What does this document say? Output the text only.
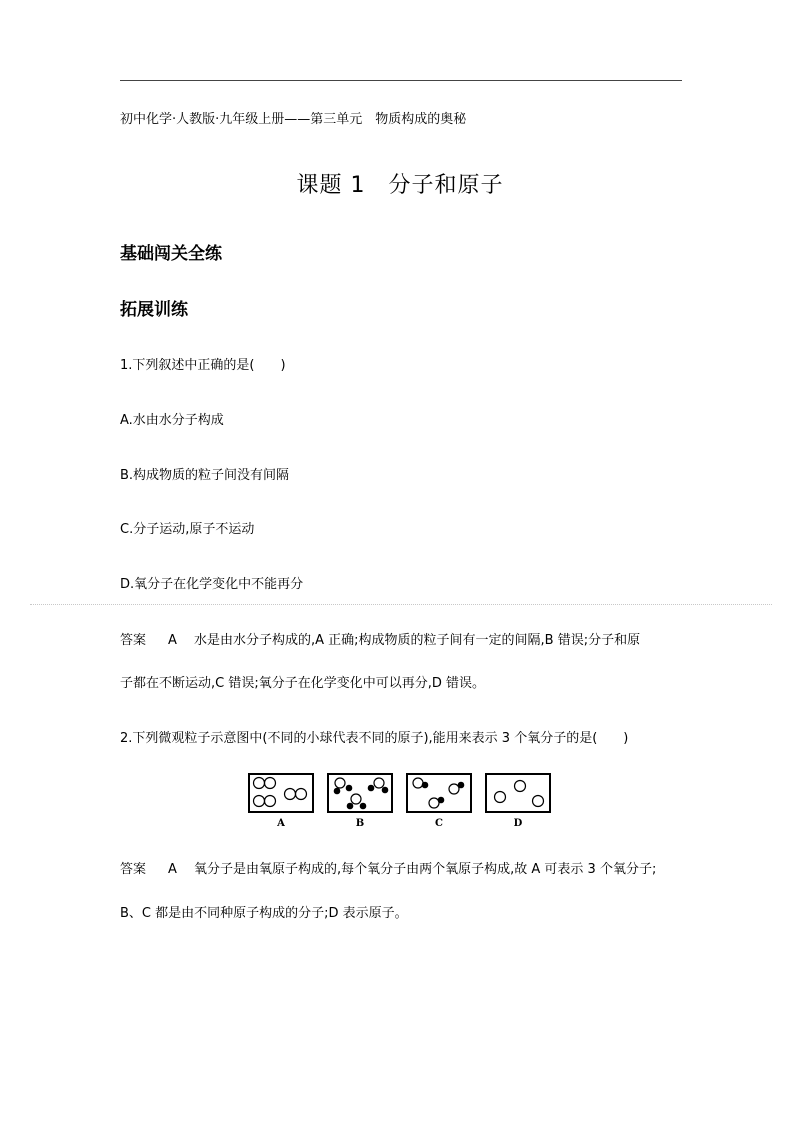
初中化学·人教版·九年级上册——第三单元　物质构成的奥秘
课题 1　分子和原子
基础闯关全练
拓展训练
1.下列叙述中正确的是(　　)
A.水由水分子构成
B.构成物质的粒子间没有间隔
C.分子运动,原子不运动
D.氧分子在化学变化中不能再分
答案 A 水是由水分子构成的,A 正确;构成物质的粒子间有一定的间隔,B 错误;分子和原
子都在不断运动,C 错误;氧分子在化学变化中可以再分,D 错误。
2.下列微观粒子示意图中(不同的小球代表不同的原子),能用来表示 3 个氧分子的是(　　)
A	B	C	D
答案 A 氧分子是由氧原子构成的,每个氧分子由两个氧原子构成,故 A 可表示 3 个氧分子;
B、C 都是由不同种原子构成的分子;D 表示原子。
